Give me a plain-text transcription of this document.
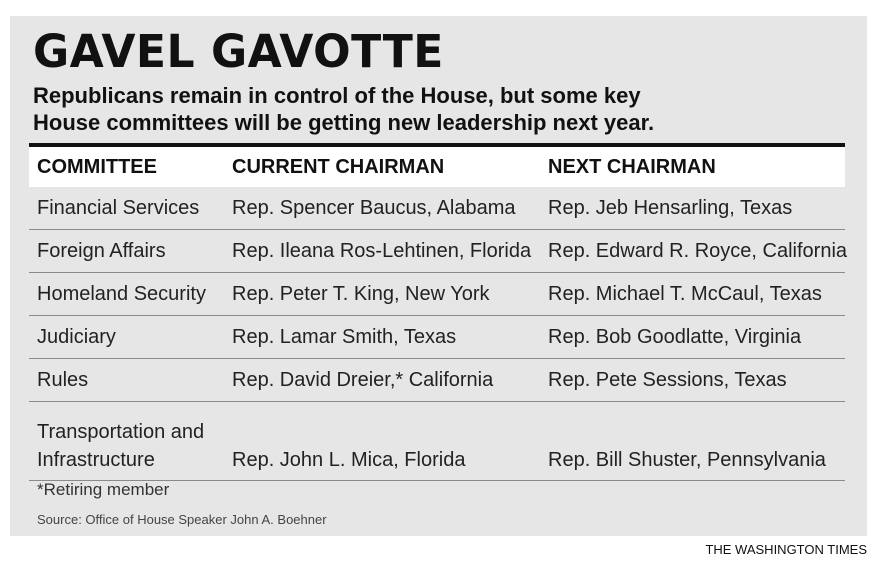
GAVEL GAVOTTE

Republicans remain in control of the House, but some key
House committees will be getting new leadership next year.

COMMITTEE	CURRENT CHAIRMAN	NEXT CHAIRMAN
Financial Services	Rep. Spencer Baucus, Alabama	Rep. Jeb Hensarling, Texas
Foreign Affairs	Rep. Ileana Ros-Lehtinen, Florida	Rep. Edward R. Royce, California
Homeland Security	Rep. Peter T. King, New York	Rep. Michael T. McCaul, Texas
Judiciary	Rep. Lamar Smith, Texas	Rep. Bob Goodlatte, Virginia
Rules	Rep. David Dreier,* California	Rep. Pete Sessions, Texas
Transportation and Infrastructure	Rep. John L. Mica, Florida	Rep. Bill Shuster, Pennsylvania
*Retiring member
Source: Office of House Speaker John A. Boehner
THE WASHINGTON TIMES
